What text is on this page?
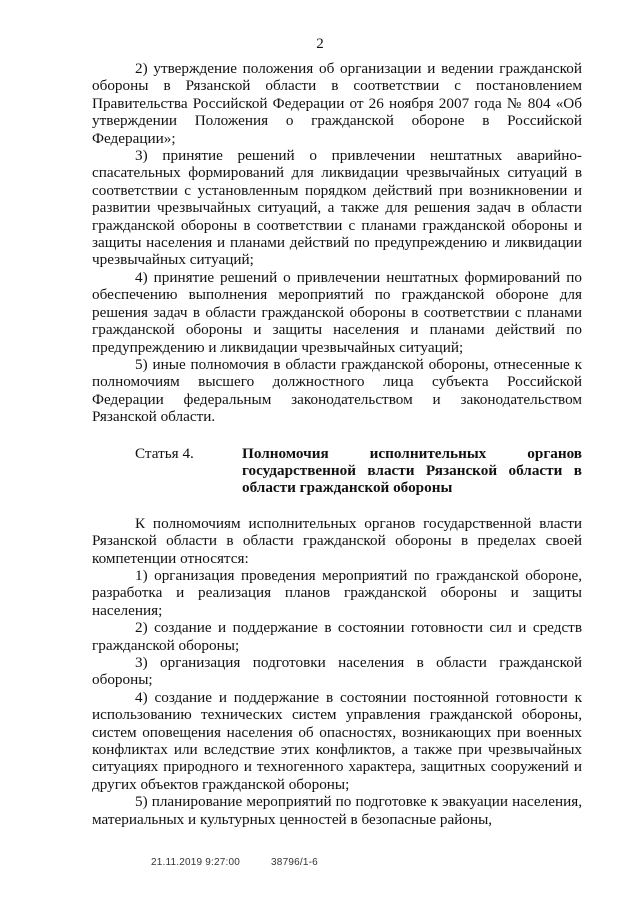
2

2) утверждение положения об организации и ведении гражданской обороны в Рязанской области в соответствии с постановлением Правительства Российской Федерации от 26 ноября 2007 года № 804 «Об утверждении Положения о гражданской обороне в Российской Федерации»;

3) принятие решений о привлечении нештатных аварийно-спасательных формирований для ликвидации чрезвычайных ситуаций в соответствии с установленным порядком действий при возникновении и развитии чрезвычайных ситуаций, а также для решения задач в области гражданской обороны в соответствии с планами гражданской обороны и защиты населения и планами действий по предупреждению и ликвидации чрезвычайных ситуаций;

4) принятие решений о привлечении нештатных формирований по обеспечению выполнения мероприятий по гражданской обороне для решения задач в области гражданской обороны в соответствии с планами гражданской обороны и защиты населения и планами действий по предупреждению и ликвидации чрезвычайных ситуаций;

5) иные полномочия в области гражданской обороны, отнесенные к полномочиям высшего должностного лица субъекта Российской Федерации федеральным законодательством и законодательством Рязанской области.

Статья 4.	Полномочия исполнительных органов государственной власти Рязанской области в области гражданской обороны

К полномочиям исполнительных органов государственной власти Рязанской области в области гражданской обороны в пределах своей компетенции относятся:

1) организация проведения мероприятий по гражданской обороне, разработка и реализация планов гражданской обороны и защиты населения;

2) создание и поддержание в состоянии готовности сил и средств гражданской обороны;

3) организация подготовки населения в области гражданской обороны;

4) создание и поддержание в состоянии постоянной готовности к использованию технических систем управления гражданской обороны, систем оповещения населения об опасностях, возникающих при военных конфликтах или вследствие этих конфликтов, а также при чрезвычайных ситуациях природного и техногенного характера, защитных сооружений и других объектов гражданской обороны;

5) планирование мероприятий по подготовке к эвакуации населения, материальных и культурных ценностей в безопасные районы,

21.11.2019 9:27:00	38796/1-6
